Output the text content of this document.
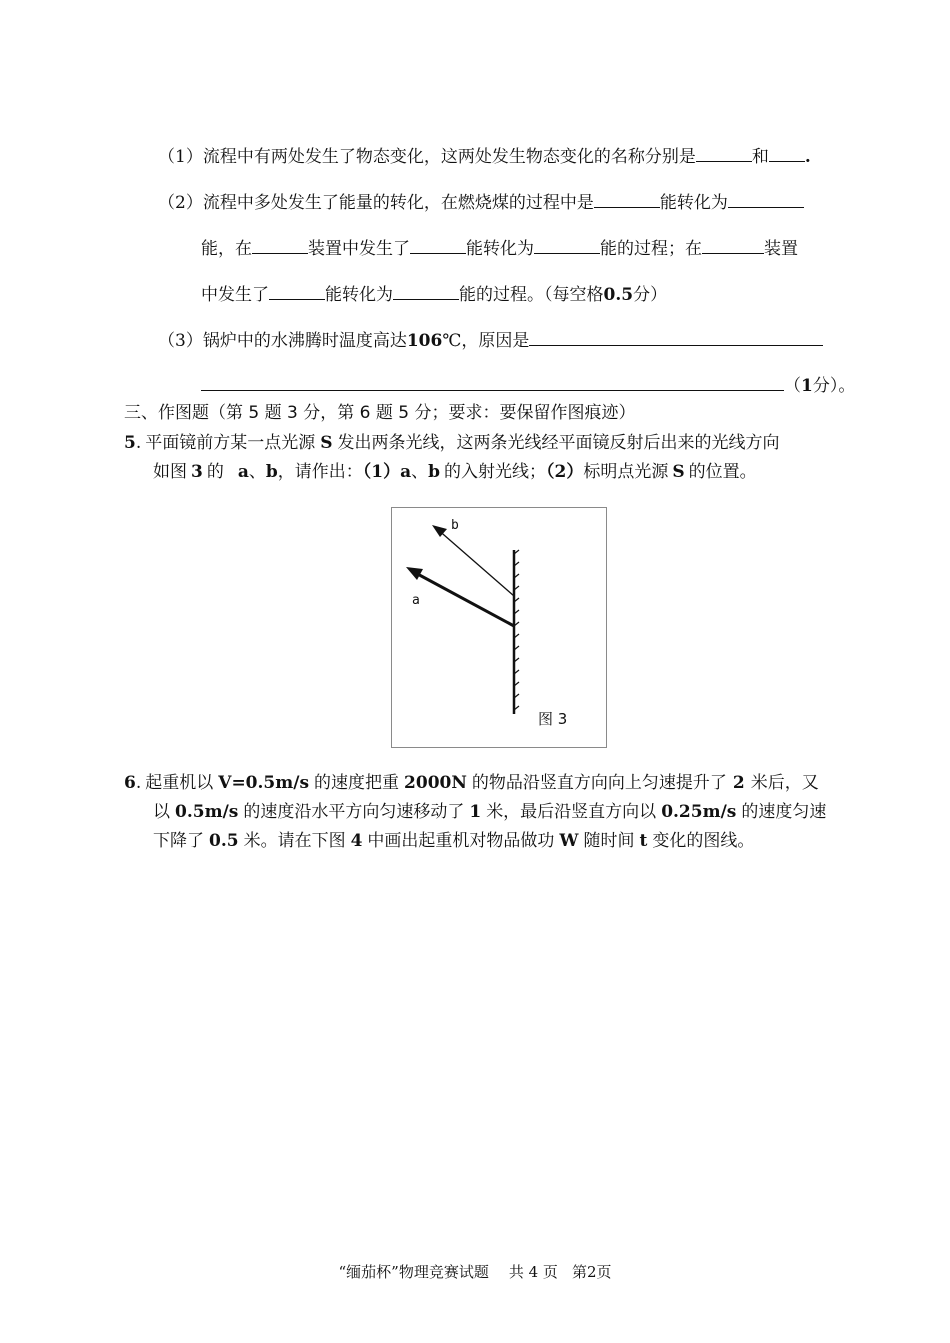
（1）流程中有两处发生了物态变化，这两处发生物态变化的名称分别是	和 .
（2）流程中多处发生了能量的转化，在燃烧煤的过程中是	能转化为
能，在	装置中发生了	能转化为	能的过程；在	装置
中发生了	能转化为	能的过程。（每空格0.5分）
（3）锅炉中的水沸腾时温度高达106℃，原因是
（1分）。
三、作图题（第 5 题 3 分，第 6 题 5 分；要求：要保留作图痕迹）
5. 平面镜前方某一点光源 S 发出两条光线，这两条光线经平面镜反射后出来的光线方向
如图 3 的 a、b，请作出：（1）a、b 的入射光线；（2）标明点光源 S 的位置。
b
a
图 3
6. 起重机以 V=0.5m/s 的速度把重 2000N 的物品沿竖直方向向上匀速提升了 2 米后，又
以 0.5m/s 的速度沿水平方向匀速移动了 1 米，最后沿竖直方向以 0.25m/s 的速度匀速
下降了 0.5 米。请在下图 4 中画出起重机对物品做功 W 随时间 t 变化的图线。
“缅茄杯”物理竞赛试题 共 4 页 第2页
